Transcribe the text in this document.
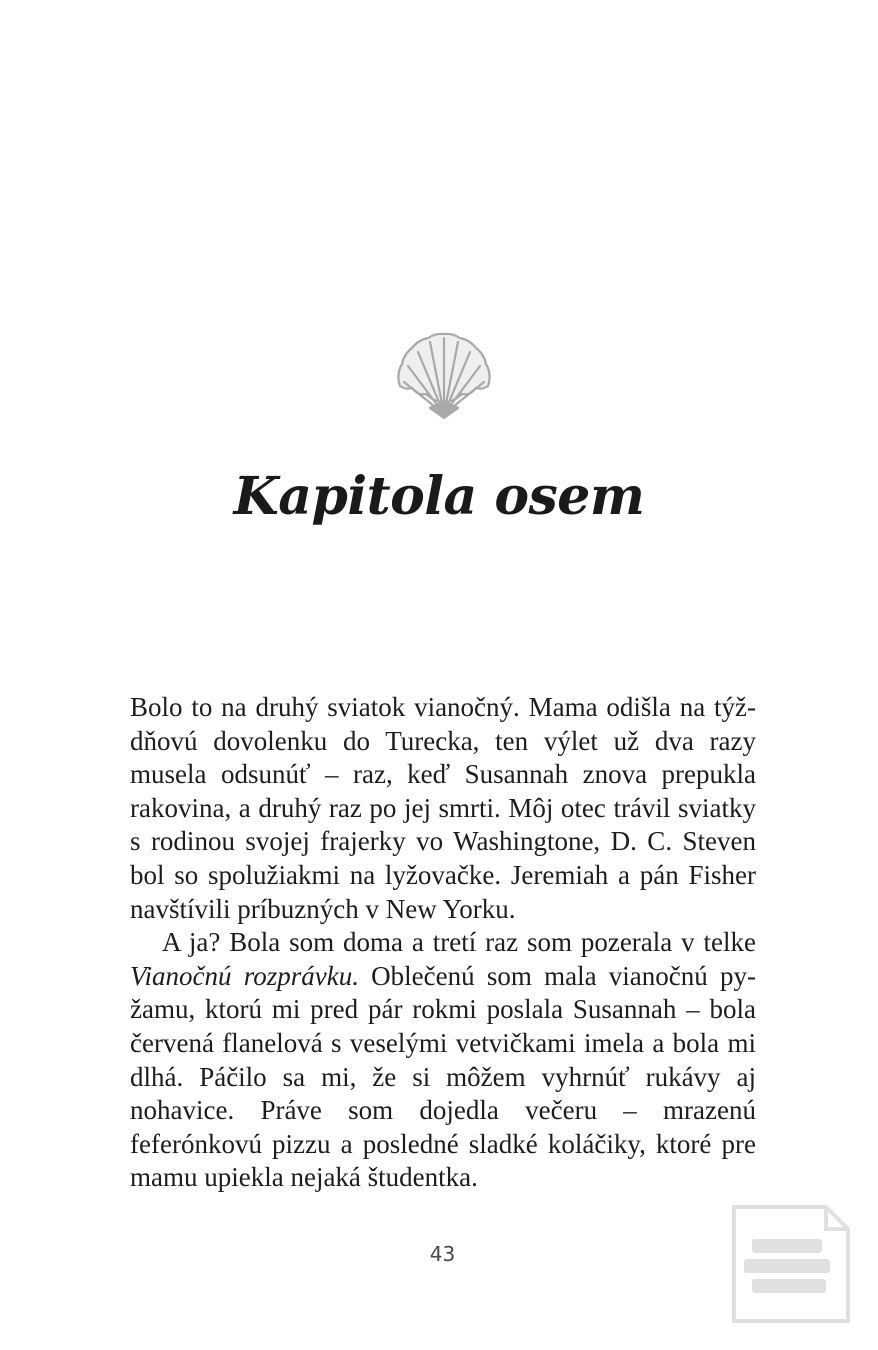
Kapitola osem

Bolo to na druhý sviatok vianočný. Mama odišla na týždňovú dovolenku do Turecka, ten výlet už dva razy musela odsunúť – raz, keď Susannah znova prepukla rakovina, a druhý raz po jej smrti. Môj otec trávil sviatky s rodinou svojej frajerky vo Washingtone, D. C. Steven bol so spolužiakmi na lyžovačke. Jeremiah a pán Fisher navštívili príbuzných v New Yorku.

A ja? Bola som doma a tretí raz som pozerala v telke Vianočnú rozprávku. Oblečenú som mala vianočnú pyžamu, ktorú mi pred pár rokmi poslala Susannah – bola červená flanelová s veselými vetvičkami imela a bola mi dlhá. Páčilo sa mi, že si môžem vyhrnúť rukávy aj nohavice. Práve som dojedla večeru – mrazenú feferónkovú pizzu a posledné sladké koláčiky, ktoré pre mamu upiekla nejaká študentka.

43
